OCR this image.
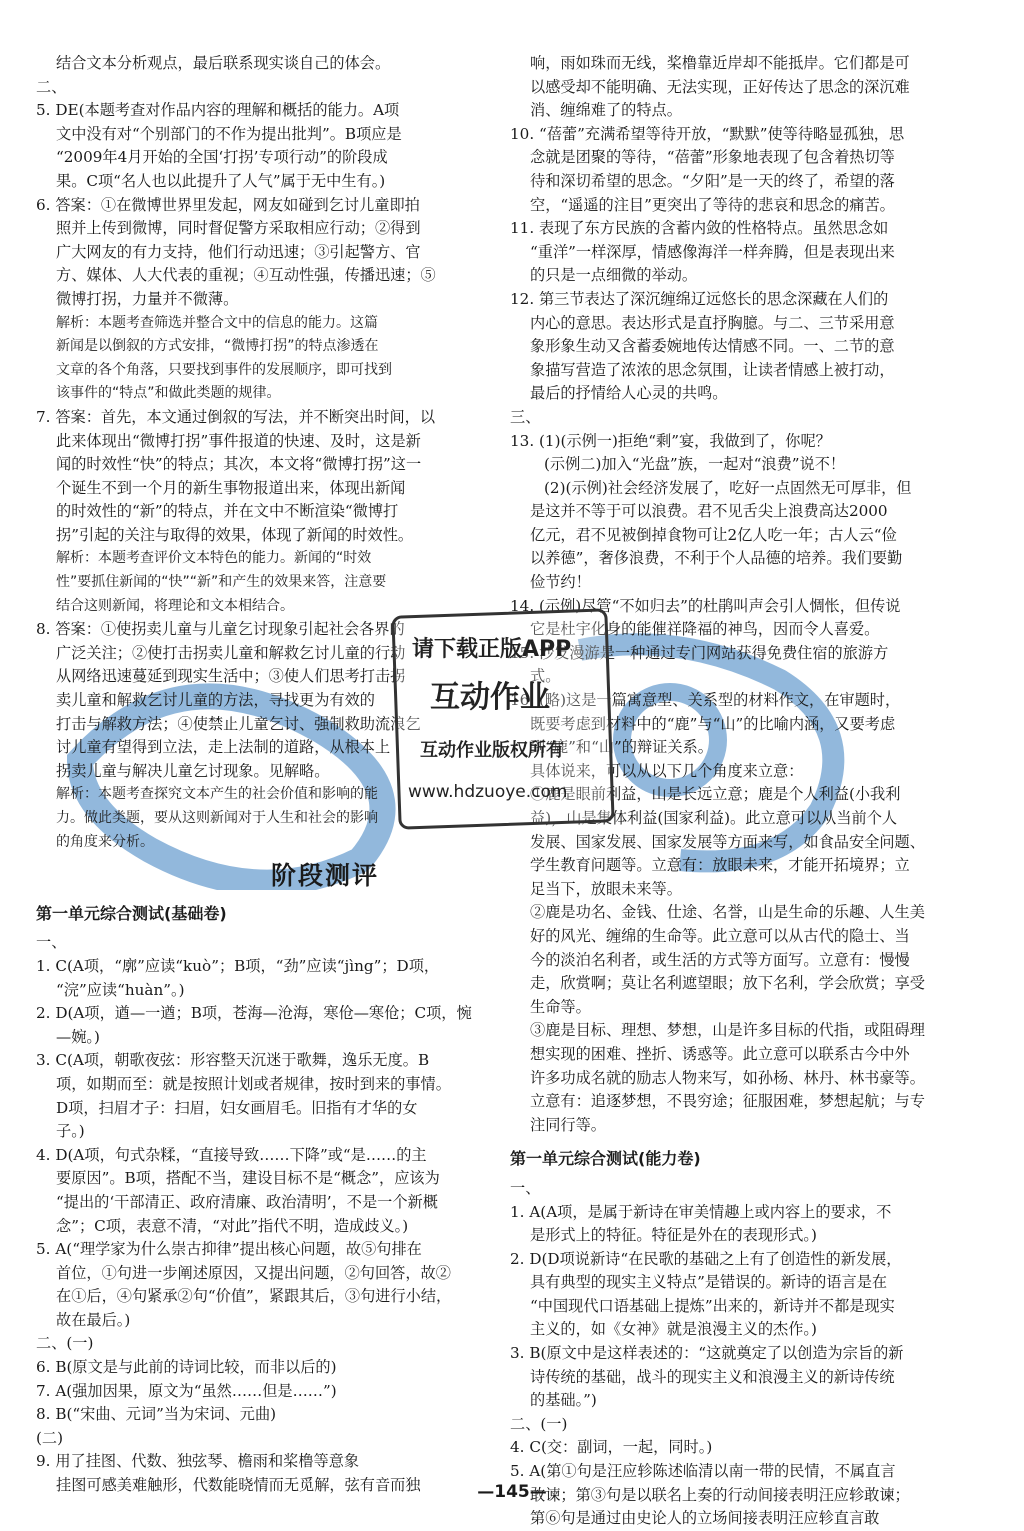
结合文本分析观点，最后联系现实谈自己的体会。
二、
5. DE(本题考查对作品内容的理解和概括的能力。A项
文中没有对“个别部门的不作为提出批判”。B项应是
“2009年4月开始的全国‘打拐’专项行动”的阶段成
果。C项“名人也以此提升了人气”属于无中生有。)
6. 答案：①在微博世界里发起，网友如碰到乞讨儿童即拍
照并上传到微博，同时督促警方采取相应行动；②得到
广大网友的有力支持，他们行动迅速；③引起警方、官
方、媒体、人大代表的重视；④互动性强，传播迅速；⑤
微博打拐，力量并不微薄。
解析：本题考查筛选并整合文中的信息的能力。这篇
新闻是以倒叙的方式安排，“微博打拐”的特点渗透在
文章的各个角落，只要找到事件的发展顺序，即可找到
该事件的“特点”和做此类题的规律。
7. 答案：首先，本文通过倒叙的写法，并不断突出时间，以
此来体现出“微博打拐”事件报道的快速、及时，这是新
闻的时效性“快”的特点；其次，本文将“微博打拐”这一
个诞生不到一个月的新生事物报道出来，体现出新闻
的时效性的“新”的特点，并在文中不断渲染“微博打
拐”引起的关注与取得的效果，体现了新闻的时效性。
解析：本题考查评价文本特色的能力。新闻的“时效
性”要抓住新闻的“快”“新”和产生的效果来答，注意要
结合这则新闻，将理论和文本相结合。
8. 答案：①使拐卖儿童与儿童乞讨现象引起社会各界的
广泛关注；②使打击拐卖儿童和解救乞讨儿童的行动
从网络迅速蔓延到现实生活中；③使人们思考打击拐
卖儿童和解救乞讨儿童的方法，寻找更为有效的
打击与解救方法；④使禁止儿童乞讨、强制救助流浪乞
讨儿童有望得到立法，走上法制的道路，从根本上
拐卖儿童与解决儿童乞讨现象。见解略。
解析：本题考查探究文本产生的社会价值和影响的能
力。做此类题，要从这则新闻对于人生和社会的影响
的角度来分析。
阶段测评
第一单元综合测试(基础卷)
一、
1. C(A项，“廓”应读“kuò”；B项，“劲”应读“jìng”；D项，
“浣”应读“huàn”。)
2. D(A项，遒—一遒；B项，苍海—沧海，寒伧—寒伧；C项，惋
—婉。)
3. C(A项，朝歌夜弦：形容整天沉迷于歌舞，逸乐无度。B
项，如期而至：就是按照计划或者规律，按时到来的事情。
D项，扫眉才子：扫眉，妇女画眉毛。旧指有才华的女
子。)
4. D(A项，句式杂糅，“直接导致……下降”或“是……的主
要原因”。B项，搭配不当，建设目标不是“概念”，应该为
“提出的‘干部清正、政府清廉、政治清明’，不是一个新概
念”；C项，表意不清，“对此”指代不明，造成歧义。)
5. A(“理学家为什么崇古抑律”提出核心问题，故⑤句排在
首位，①句进一步阐述原因，又提出问题，②句回答，故②
在①后，④句紧承②句“价值”，紧跟其后，③句进行小结，
故在最后。)
二、(一)
6. B(原文是与此前的诗词比较，而非以后的)
7. A(强加因果，原文为“虽然……但是……”)
8. B(“宋曲、元词”当为宋词、元曲)
(二)
9. 用了挂图、代数、独弦琴、檐雨和桨橹等意象
挂图可感美难触形，代数能晓情而无觅解，弦有音而独
响，雨如珠而无线，桨橹靠近岸却不能抵岸。它们都是可
以感受却不能明确、无法实现，正好传达了思念的深沉难
消、缠绵难了的特点。
10. “蓓蕾”充满希望等待开放，“默默”使等待略显孤独，思
念就是团聚的等待，“蓓蕾”形象地表现了包含着热切等
待和深切希望的思念。“夕阳”是一天的终了，希望的落
空，“遥遥的注目”更突出了等待的悲哀和思念的痛苦。
11. 表现了东方民族的含蓄内敛的性格特点。虽然思念如
“重洋”一样深厚，情感像海洋一样奔腾，但是表现出来
的只是一点细微的举动。
12. 第三节表达了深沉缠绵辽远悠长的思念深藏在人们的
内心的意思。表达形式是直抒胸臆。与二、三节采用意
象形象生动又含蓄委婉地传达情感不同。一、二节的意
象描写营造了浓浓的思念氛围，让读者情感上被打动，
最后的抒情给人心灵的共鸣。
三、
13. (1)(示例一)拒绝“剩”宴，我做到了，你呢？
(示例二)加入“光盘”族，一起对“浪费”说不！
(2)(示例)社会经济发展了，吃好一点固然无可厚非，但
是这并不等于可以浪费。君不见舌尖上浪费高达2000
亿元，君不见被倒掉食物可让2亿人吃一年；古人云“俭
以养德”，奢侈浪费，不利于个人品德的培养。我们要勤
俭节约！
14. (示例)尽管“不如归去”的杜鹃叫声会引人惆怅，但传说
它是杜宇化身的能催祥降福的神鸟，因而令人喜爱。
15. 沙发漫游是一种通过专门网站获得免费住宿的旅游方
式。
16. (略)这是一篇寓意型、关系型的材料作文，在审题时，
既要考虑到材料中的“鹿”与“山”的比喻内涵，又要考虑
到“鹿”和“山”的辩证关系。
具体说来，可以从以下几个角度来立意：
①鹿是眼前利益，山是长远立意；鹿是个人利益(小我利
益)，山是集体利益(国家利益)。此立意可以从当前个人
发展、国家发展、国家发展等方面来写，如食品安全问题、
学生教育问题等。立意有：放眼未来，才能开拓境界；立
足当下，放眼未来等。
②鹿是功名、金钱、仕途、名誉，山是生命的乐趣、人生美
好的风光、缠绵的生命等。此立意可以从古代的隐士、当
今的淡泊名利者，或生活的方式等方面写。立意有：慢慢
走，欣赏啊；莫让名利遮望眼；放下名利，学会欣赏；享受
生命等。
③鹿是目标、理想、梦想，山是许多目标的代指，或阻碍理
想实现的困难、挫折、诱惑等。此立意可以联系古今中外
许多功成名就的励志人物来写，如孙杨、林丹、林书豪等。
立意有：追逐梦想，不畏穷途；征服困难，梦想起航；与专
注同行等。
第一单元综合测试(能力卷)
一、
1. A(A项，是属于新诗在审美情趣上或内容上的要求，不
是形式上的特征。特征是外在的表现形式。)
2. D(D项说新诗“在民歌的基础之上有了创造性的新发展，
具有典型的现实主义特点”是错误的。新诗的语言是在
“中国现代口语基础上提炼”出来的，新诗并不都是现实
主义的，如《女神》就是浪漫主义的杰作。)
3. B(原文中是这样表述的：“这就奠定了以创造为宗旨的新
诗传统的基础，战斗的现实主义和浪漫主义的新诗传统
的基础。”)
二、(一)
4. C(交：副词，一起，同时。)
5. A(第①句是汪应轸陈述临清以南一带的民情，不属直言
敢谏；第③句是以联名上奏的行动间接表明汪应轸敢谏；
第⑥句是通过由史论人的立场间接表明汪应轸直言敢
请下载正版APP
互动作业
互动作业版权所有
www.hdzuoye.com
—145—
